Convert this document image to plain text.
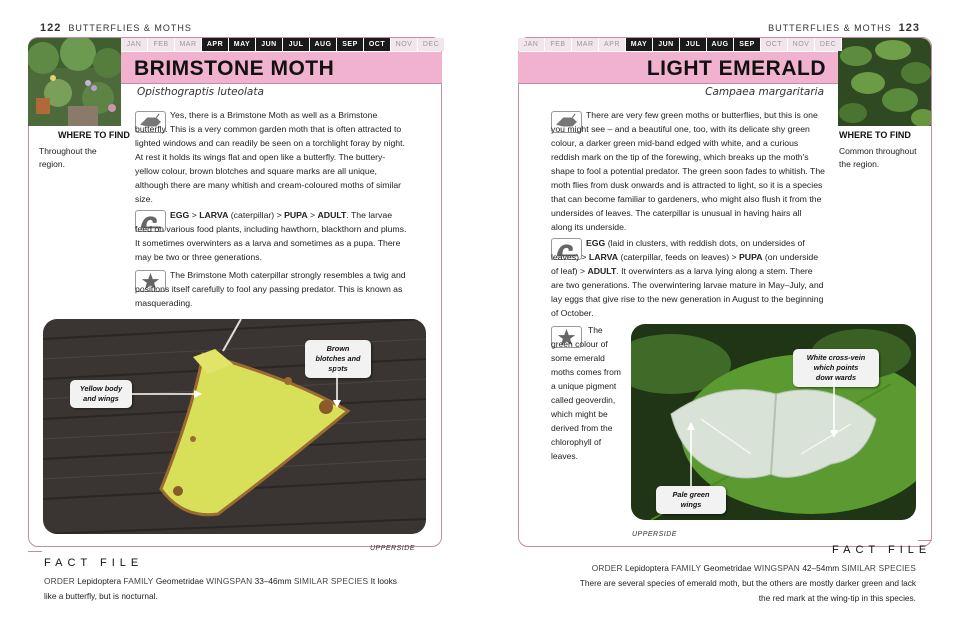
122 BUTTERFLIES & MOTHS
JAN	FEB	MAR	APR	MAY	JUN	JUL	AUG	SEP	OCT	NOV	DEC
BRIMSTONE MOTH
Opisthograptis luteolata
WHERE TO FIND
Throughout the region.
Yes, there is a Brimstone Moth as well as a Brimstone butterfly. This is a very common garden moth that is often attracted to lighted windows and can readily be seen on a torchlight foray by night. At rest it holds its wings flat and open like a butterfly. The buttery-yellow colour, brown blotches and square marks are all unique, although there are many whitish and cream-coloured moths of similar size.
EGG > LARVA (caterpillar) > PUPA > ADULT. The larvae feed on various food plants, including hawthorn, blackthorn and plums. It sometimes overwinters as a larva and sometimes as a pupa. There may be two or three generations.
The Brimstone Moth caterpillar strongly resembles a twig and positions itself carefully to fool any passing predator. This is known as masquerading.
Yellow body and wings
Brown blotches and spots
UPPERSIDE
FACT FILE
ORDER Lepidoptera FAMILY Geometridae WINGSPAN 33–46mm SIMILAR SPECIES It looks like a butterfly, but is nocturnal.
BUTTERFLIES & MOTHS 123
JAN	FEB	MAR	APR	MAY	JUN	JUL	AUG	SEP	OCT	NOV	DEC
LIGHT EMERALD
Campaea margaritaria
WHERE TO FIND
Common throughout the region.
There are very few green moths or butterflies, but this is one you might see – and a beautiful one, too, with its delicate shy green colour, a darker green mid-band edged with white, and a curious reddish mark on the tip of the forewing, which breaks up the moth's shape to fool a potential predator. The green soon fades to whitish. The moth flies from dusk onwards and is attracted to light, so it is a species that can become familiar to gardeners, who might also flush it from the undersides of leaves. The caterpillar is unusual in having hairs all along its underside.
EGG (laid in clusters, with reddish dots, on undersides of leaves) > LARVA (caterpillar, feeds on leaves) > PUPA (on underside of leaf) > ADULT. It overwinters as a larva lying along a stem. There are two generations. The overwintering larvae mature in May–July, and lay eggs that give rise to the new generation in August to the beginning of October.
The green colour of some emerald moths comes from a unique pigment called geoverdin, which might be derived from the chlorophyll of leaves.
White cross-vein which points downwards
Pale green wings
UPPERSIDE
FACT FILE
ORDER Lepidoptera FAMILY Geometridae WINGSPAN 42–54mm SIMILAR SPECIES There are several species of emerald moth, but the others are mostly darker green and lack the red mark at the wing-tip in this species.
